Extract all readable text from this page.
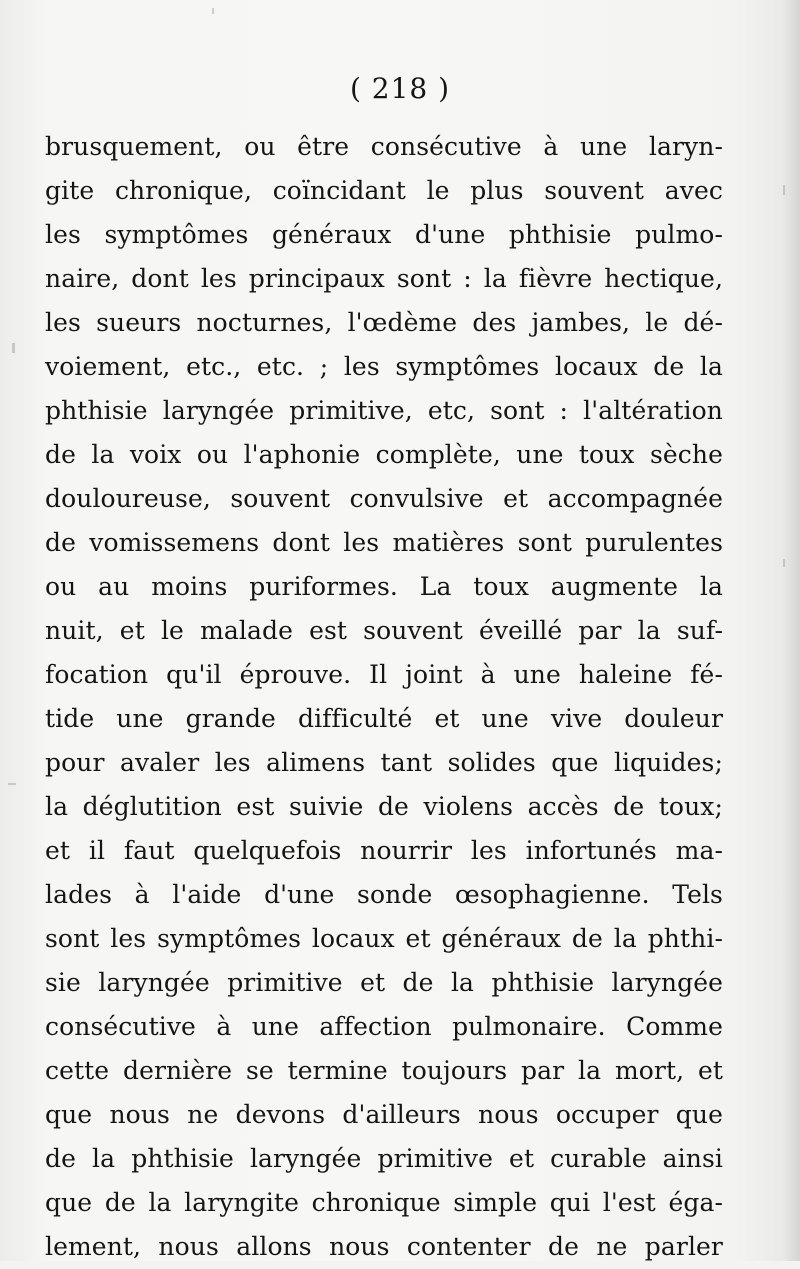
( 218 )
brusquement, ou être consécutive à une laryn-
gite chronique, coïncidant le plus souvent avec
les symptômes généraux d'une phthisie pulmo-
naire, dont les principaux sont : la fièvre hectique,
les sueurs nocturnes, l'œdème des jambes, le dé-
voiement, etc., etc. ; les symptômes locaux de la
phthisie laryngée primitive, etc, sont : l'altération
de la voix ou l'aphonie complète, une toux sèche
douloureuse, souvent convulsive et accompagnée
de vomissemens dont les matières sont purulentes
ou au moins puriformes. La toux augmente la
nuit, et le malade est souvent éveillé par la suf-
focation qu'il éprouve. Il joint à une haleine fé-
tide une grande difficulté et une vive douleur
pour avaler les alimens tant solides que liquides;
la déglutition est suivie de violens accès de toux;
et il faut quelquefois nourrir les infortunés ma-
lades à l'aide d'une sonde œsophagienne. Tels
sont les symptômes locaux et généraux de la phthi-
sie laryngée primitive et de la phthisie laryngée
consécutive à une affection pulmonaire. Comme
cette dernière se termine toujours par la mort, et
que nous ne devons d'ailleurs nous occuper que
de la phthisie laryngée primitive et curable ainsi
que de la laryngite chronique simple qui l'est éga-
lement, nous allons nous contenter de ne parler
